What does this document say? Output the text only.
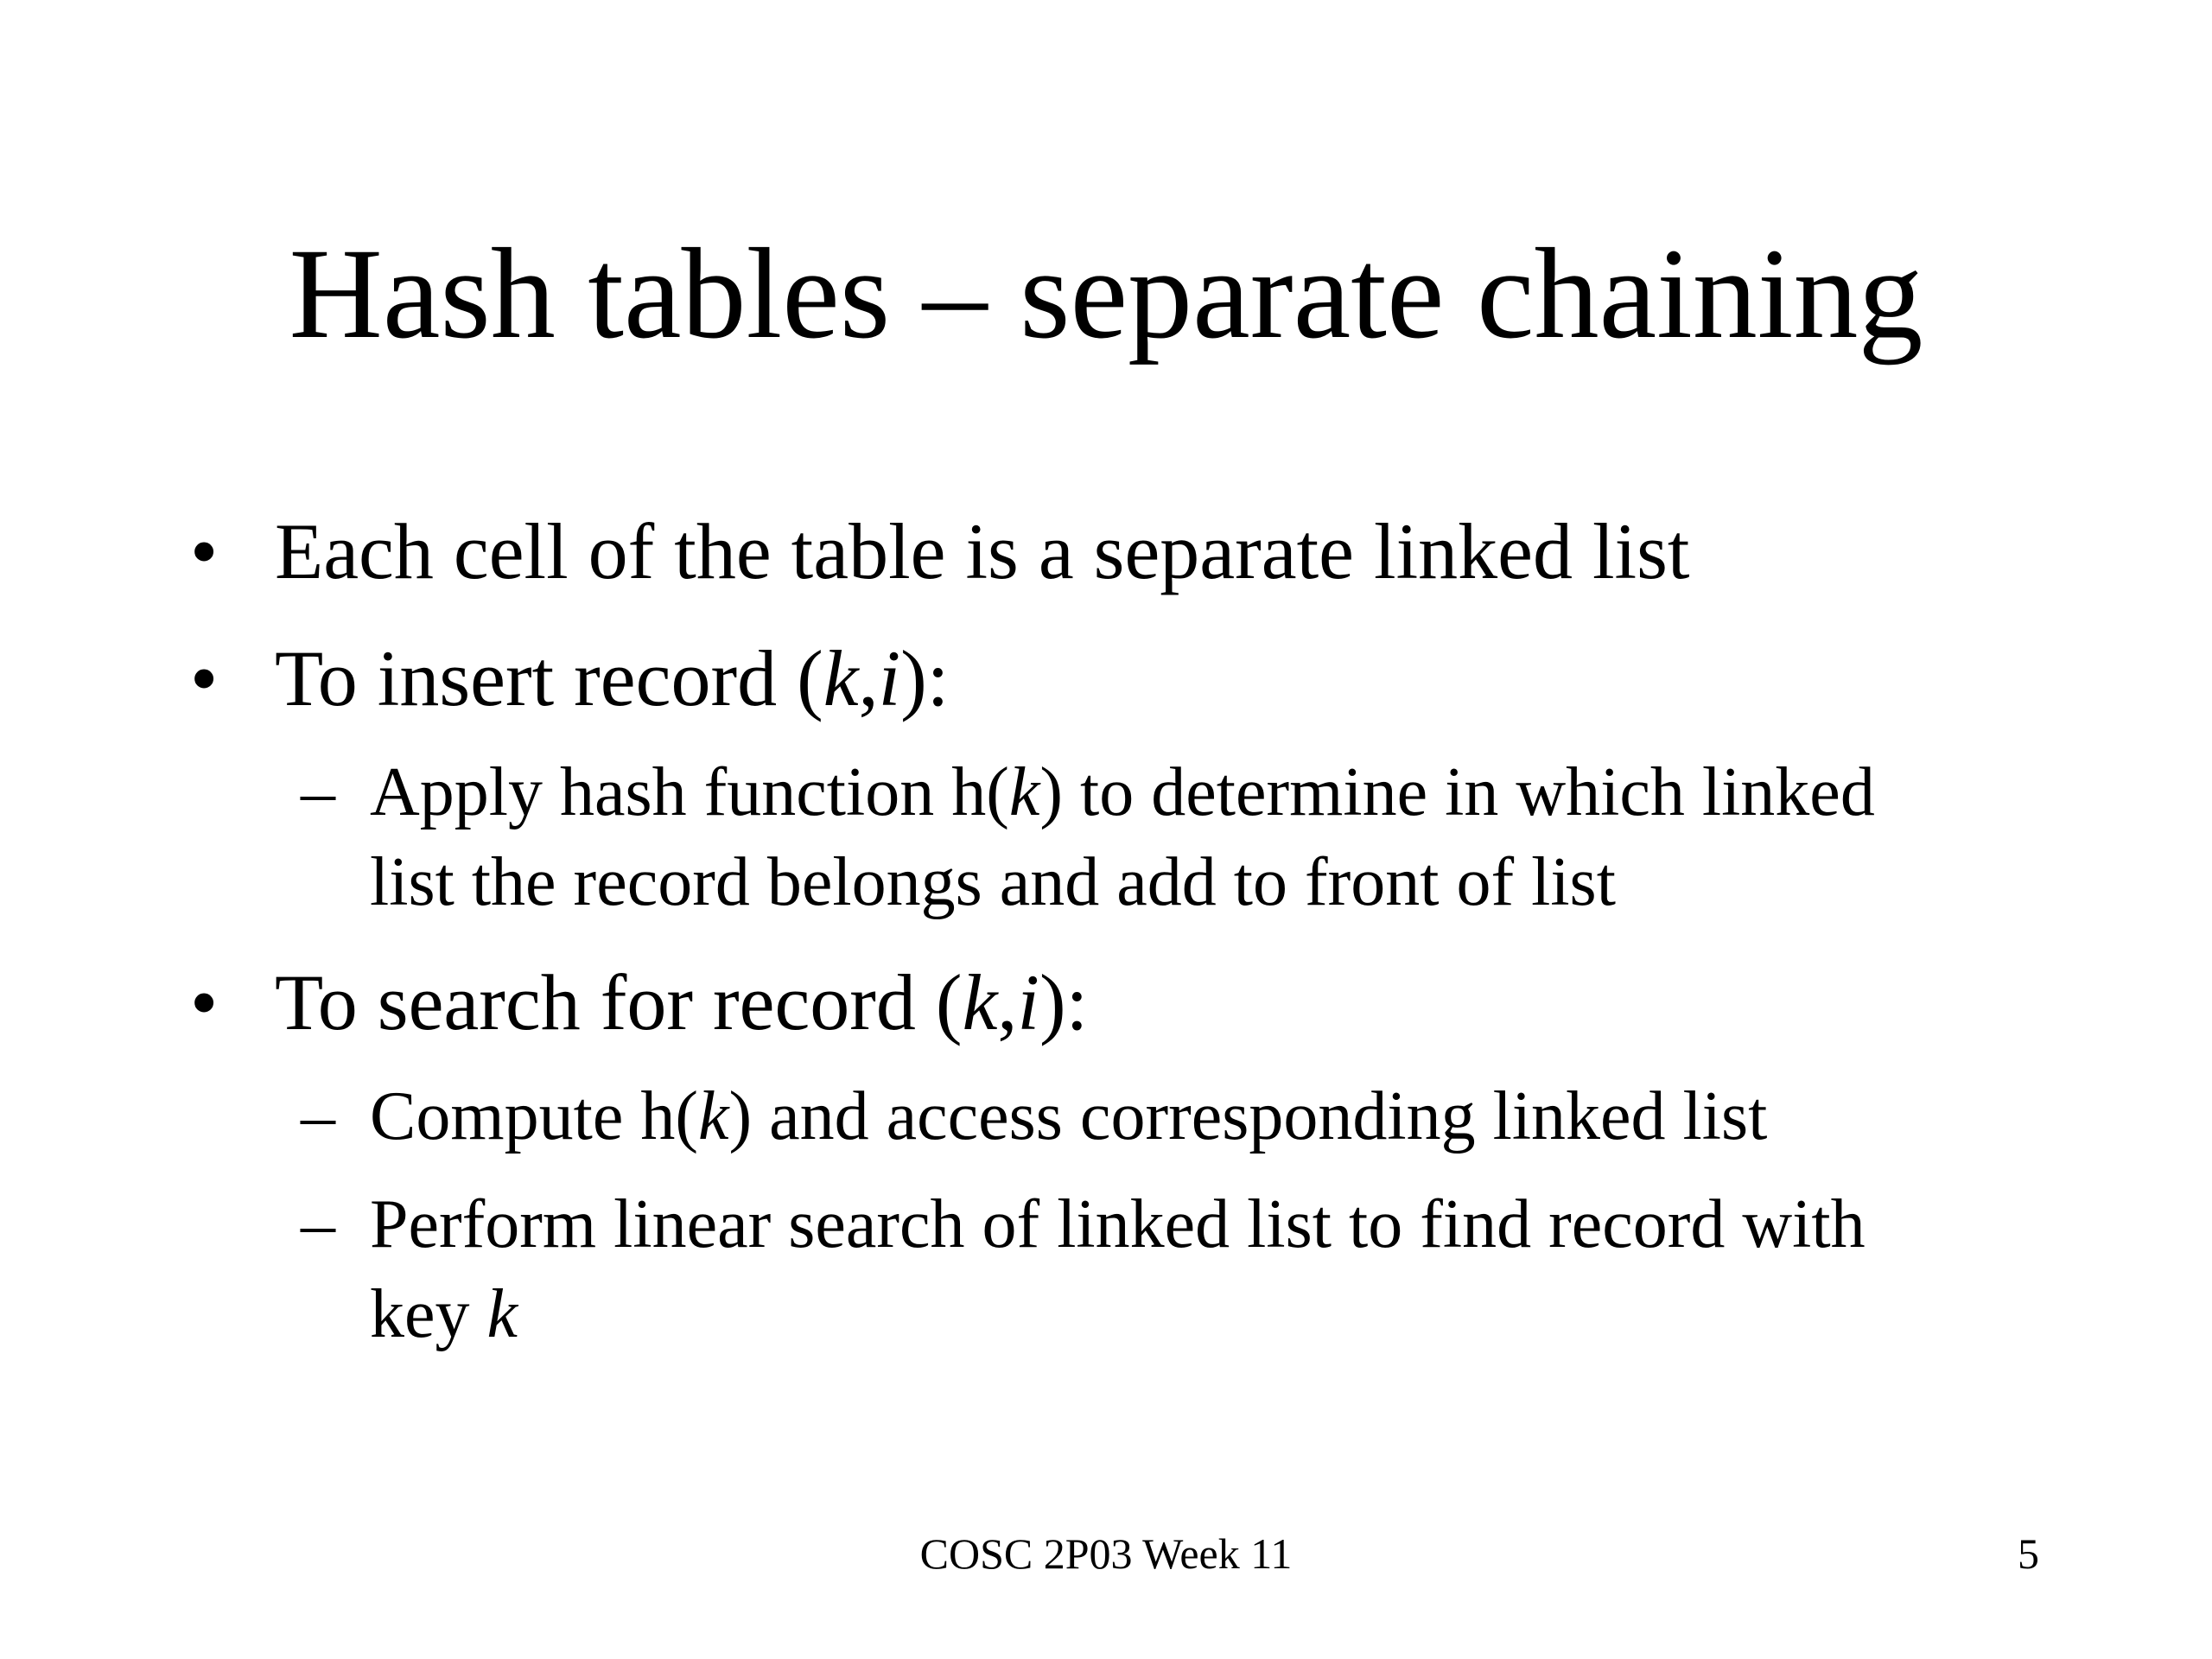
Hash tables – separate chaining
• Each cell of the table is a separate linked list
• To insert record (k,i):
– Apply hash function h(k) to determine in which linked
list the record belongs and add to front of list
• To search for record (k,i):
– Compute h(k) and access corresponding linked list
– Perform linear search of linked list to find record with
key k
COSC 2P03 Week 11	5
